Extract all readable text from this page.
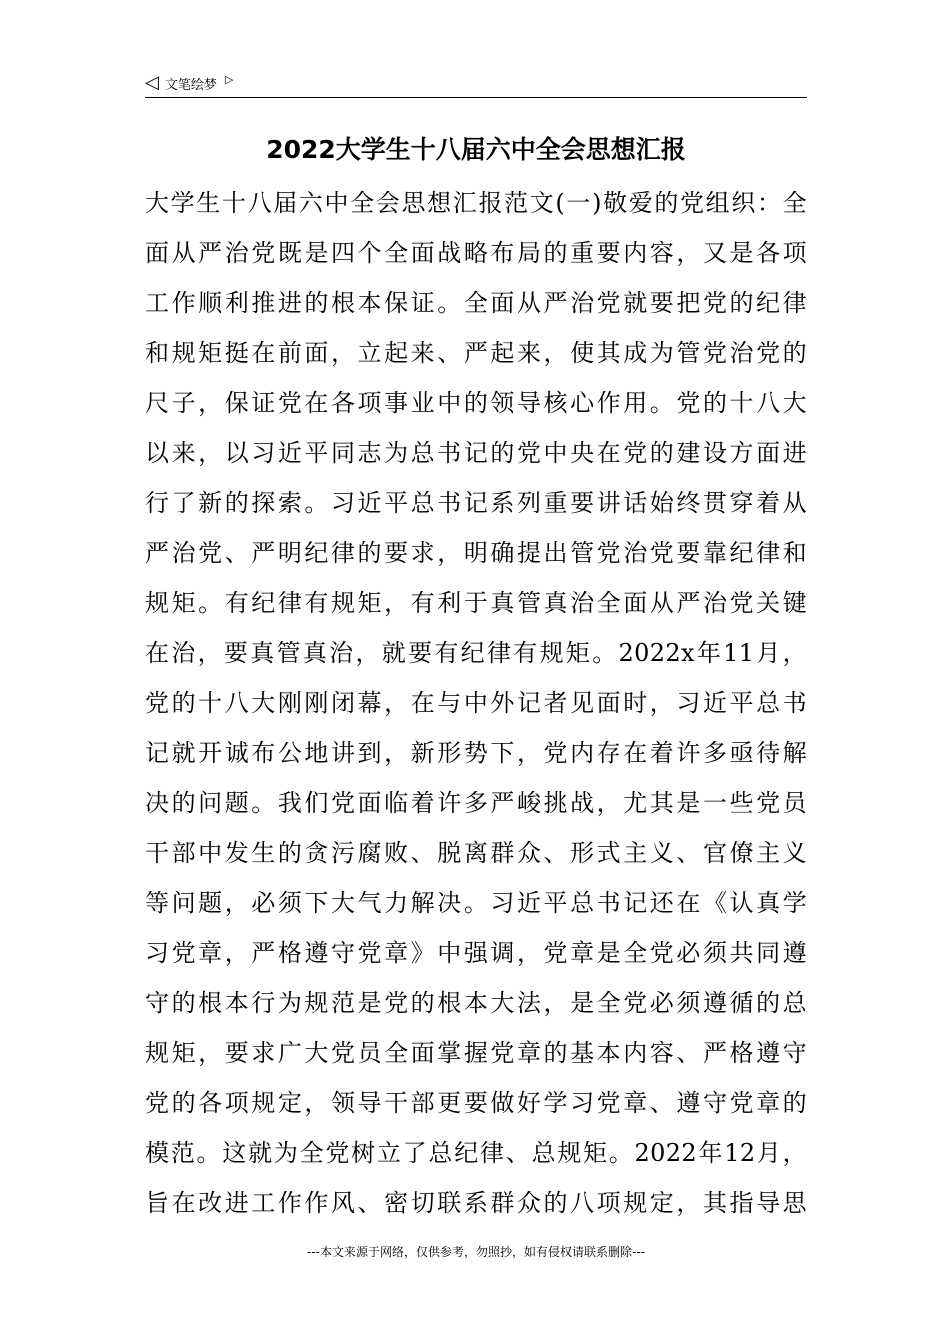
◁ 文笔绘梦 ▷
2022大学生十八届六中全会思想汇报
大学生十八届六中全会思想汇报范文(一)敬爱的党组织：全
面从严治党既是四个全面战略布局的重要内容，又是各项
工作顺利推进的根本保证。全面从严治党就要把党的纪律
和规矩挺在前面，立起来、严起来，使其成为管党治党的
尺子，保证党在各项事业中的领导核心作用。党的十八大
以来，以习近平同志为总书记的党中央在党的建设方面进
行了新的探索。习近平总书记系列重要讲话始终贯穿着从
严治党、严明纪律的要求，明确提出管党治党要靠纪律和
规矩。有纪律有规矩，有利于真管真治全面从严治党关键
在治，要真管真治，就要有纪律有规矩。2022x年11月，
党的十八大刚刚闭幕，在与中外记者见面时，习近平总书
记就开诚布公地讲到，新形势下，党内存在着许多亟待解
决的问题。我们党面临着许多严峻挑战，尤其是一些党员
干部中发生的贪污腐败、脱离群众、形式主义、官僚主义
等问题，必须下大气力解决。习近平总书记还在《认真学
习党章，严格遵守党章》中强调，党章是全党必须共同遵
守的根本行为规范是党的根本大法，是全党必须遵循的总
规矩，要求广大党员全面掌握党章的基本内容、严格遵守
党的各项规定，领导干部更要做好学习党章、遵守党章的
模范。这就为全党树立了总纪律、总规矩。2022年12月，
旨在改进工作作风、密切联系群众的八项规定，其指导思
---本文来源于网络，仅供参考，勿照抄，如有侵权请联系删除---
